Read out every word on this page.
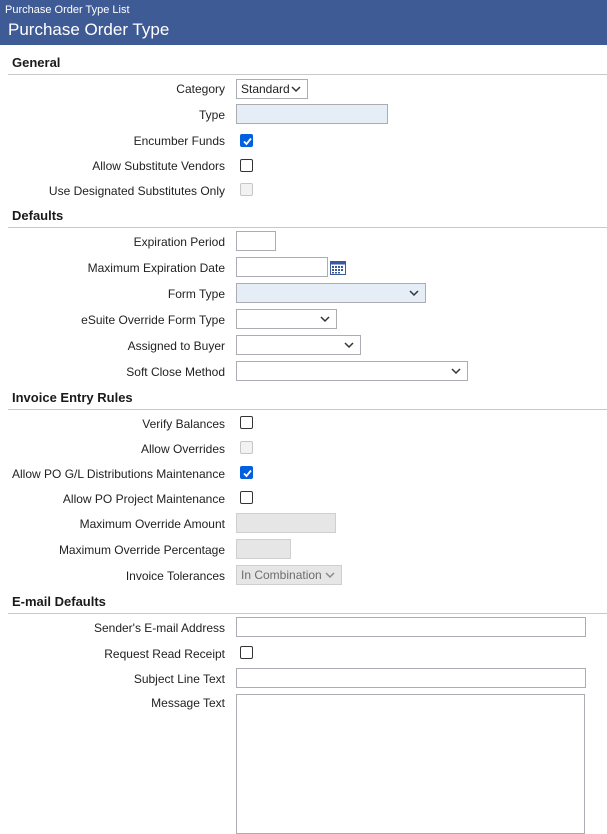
Purchase Order Type List
Purchase Order Type
General
Category	Standard
Type
Encumber Funds
Allow Substitute Vendors
Use Designated Substitutes Only
Defaults
Expiration Period
Maximum Expiration Date
Form Type
eSuite Override Form Type
Assigned to Buyer
Soft Close Method
Invoice Entry Rules
Verify Balances
Allow Overrides
Allow PO G/L Distributions Maintenance
Allow PO Project Maintenance
Maximum Override Amount
Maximum Override Percentage
Invoice Tolerances	In Combination
E-mail Defaults
Sender's E-mail Address
Request Read Receipt
Subject Line Text
Message Text
